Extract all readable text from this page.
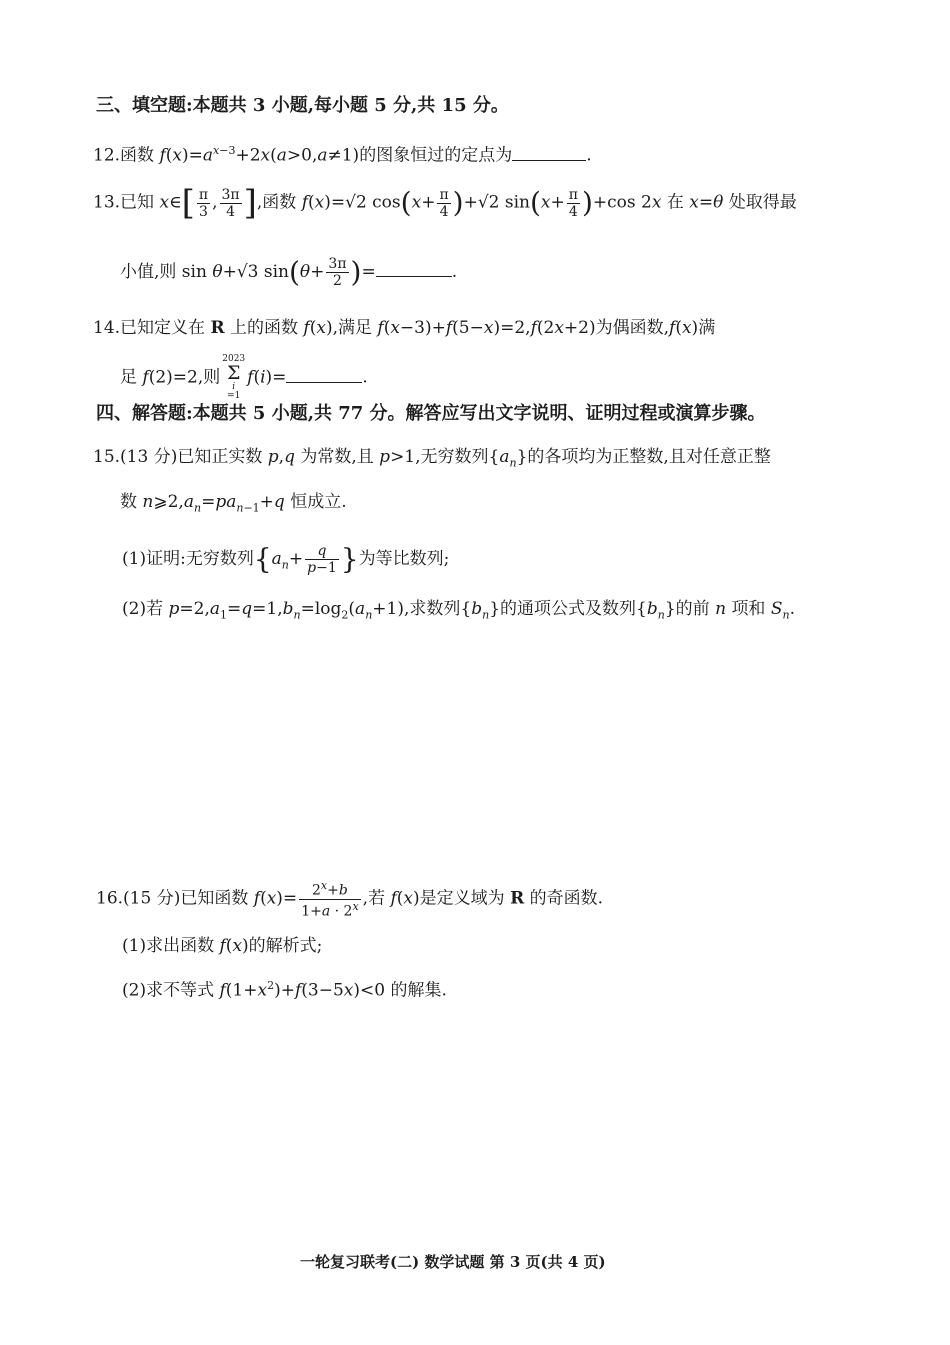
三、填空题:本题共 3 小题,每小题 5 分,共 15 分。
12.函数 $f(x)=a^{x-3}+2x(a>0,a\ne 1)$的图象恒过的定点为	.
13.已知 x∈[ $\frac{\pi}{3}$ , $\frac{3\pi}{4}$ ],函数 f(x)=√2 $\cos(x+ \frac{\pi}{4} )+√2$ $\sin(x+ \frac{\pi}{4} )+\cos$ 2x 在 x=θ 处取得最
小值,则 sin θ+√3 $\sin(\theta+ \frac{3\pi}{2}$ )=	.
14.已知定义在 R 上的函数 f(x),满足 f(x−3)+f(5−x)=2,f(2x+2)为偶函数,f(x)满
足 f(2)=2,则
2023
Σ
i
=1
f(i)=	.
四、解答题:本题共 5 小题,共 77 分。解答应写出文字说明、证明过程或演算步骤。
15.(13 分)已知正实数 p,q 为常数,且 p>1,无穷数列$\{a_n\}$的各项均为正整数,且对任意正整
数 $n⩾2,a_n=pa_{n-1}+q$ 恒成立.
(1)证明:无穷数列{$a_n+ \frac{q}{p-1}$ }为等比数列;
(2)若 $p=2,a_1=q=1,b_n=\log_2(a_n+1)$,求数列$\{b_n\}$的通项公式及数列$\{b_n\}$的前 n 项和 $S_n$.
16.(15 分)已知函数 $f(x)= \frac{2^x+b}{1+a \cdot 2^x}$ ,若 f(x)是定义域为 R 的奇函数.
(1)求出函数 f(x)的解析式;
(2)求不等式 $f(1+x^2)+f(3-5x)<0$ 的解集.
一轮复习联考(二) 数学试题 第 3 页(共 4 页)
